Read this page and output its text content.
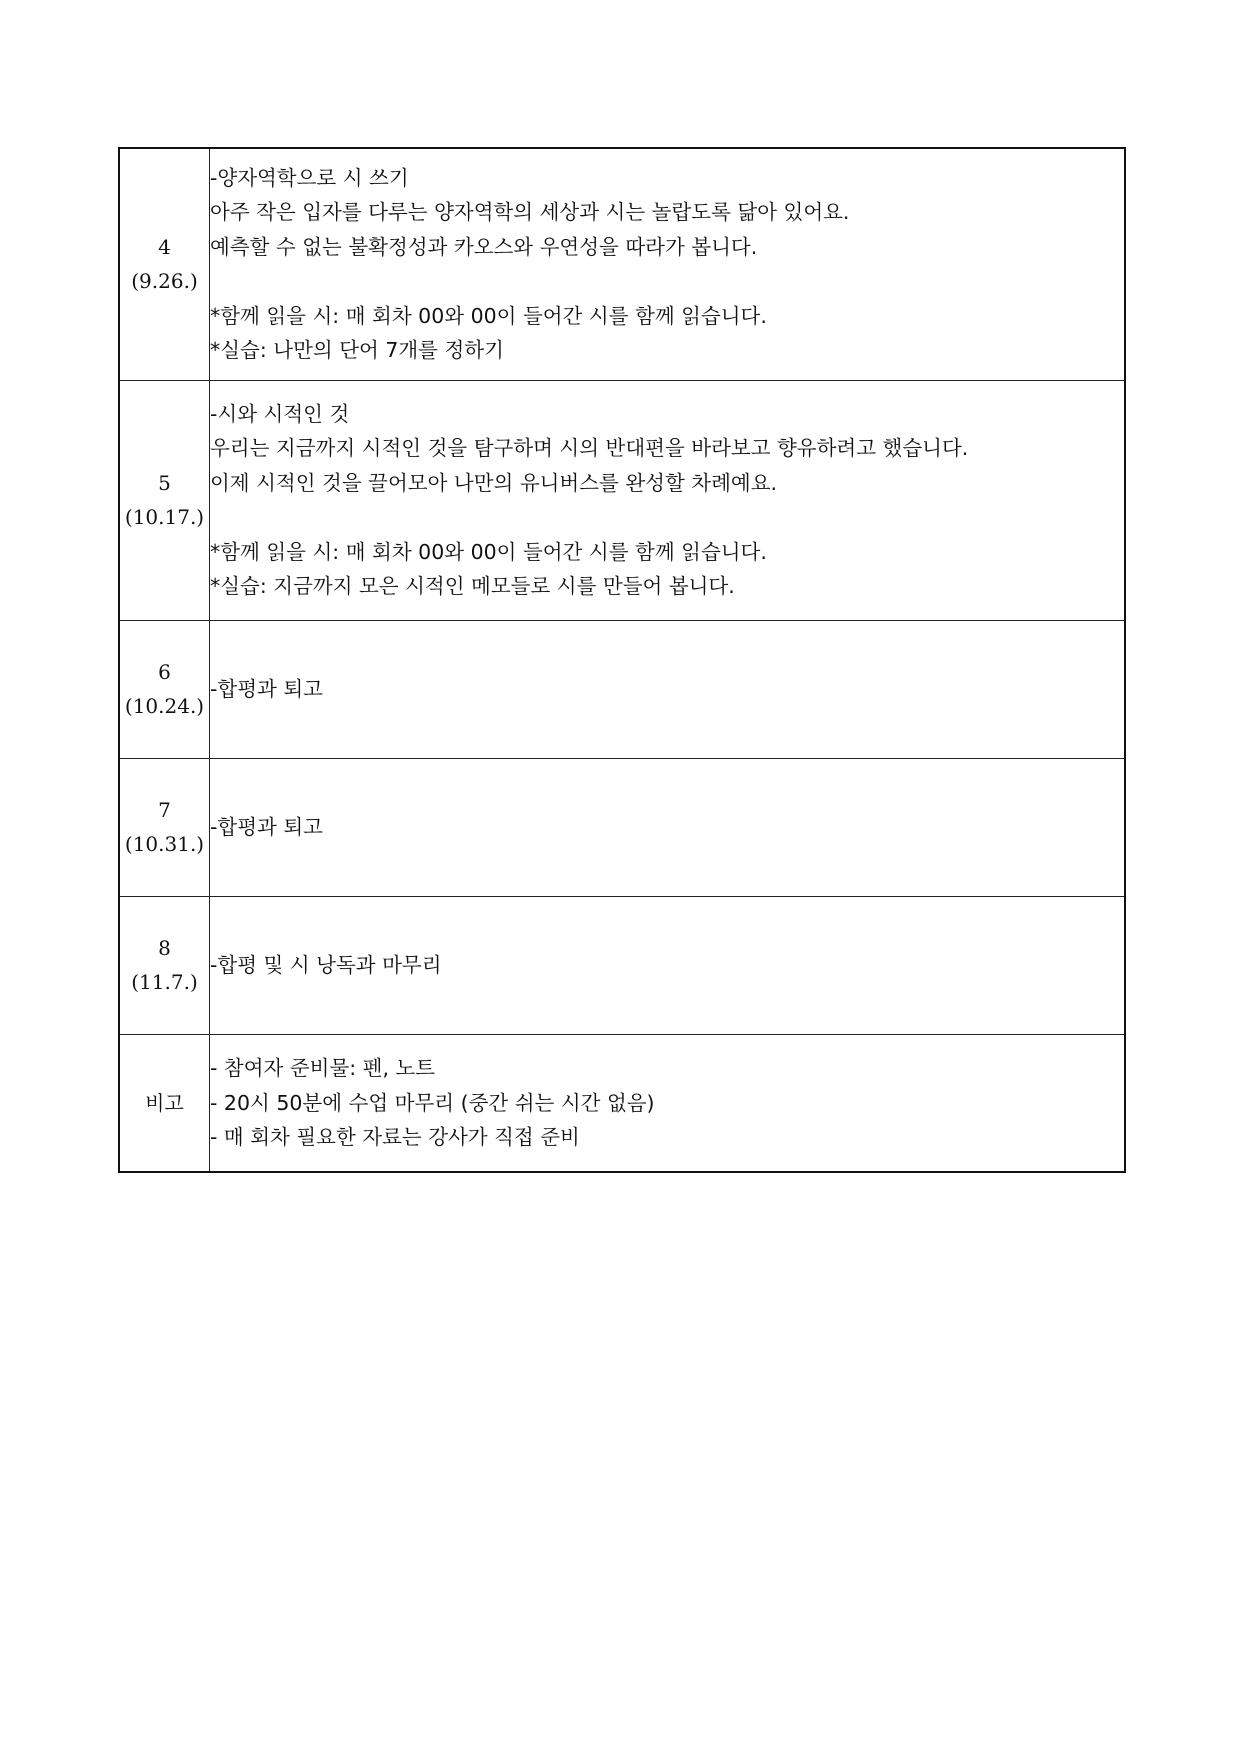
4
(9.26.)	-양자역학으로 시 쓰기
아주 작은 입자를 다루는 양자역학의 세상과 시는 놀랍도록 닮아 있어요.
예측할 수 없는 불확정성과 카오스와 우연성을 따라가 봅니다.
*함께 읽을 시: 매 회차 00와 00이 들어간 시를 함께 읽습니다.
*실습: 나만의 단어 7개를 정하기

5
(10.17.)	-시와 시적인 것
우리는 지금까지 시적인 것을 탐구하며 시의 반대편을 바라보고 향유하려고 했습니다.
이제 시적인 것을 끌어모아 나만의 유니버스를 완성할 차례예요.
*함께 읽을 시: 매 회차 00와 00이 들어간 시를 함께 읽습니다.
*실습: 지금까지 모은 시적인 메모들로 시를 만들어 봅니다.

6
(10.24.)	-합평과 퇴고

7
(10.31.)	-합평과 퇴고

8
(11.7.)	-합평 및 시 낭독과 마무리

비고	- 참여자 준비물: 펜, 노트
- 20시 50분에 수업 마무리 (중간 쉬는 시간 없음)
- 매 회차 필요한 자료는 강사가 직접 준비
